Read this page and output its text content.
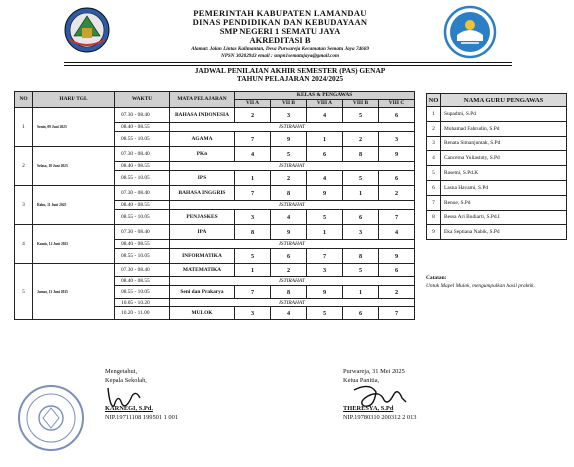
PEMERINTAH KABUPATEN LAMANDAU
DINAS PENDIDIKAN DAN KEBUDAYAAN
SMP NEGERI 1 SEMATU JAYA
AKREDITASI B
Alamat: Jalan Lintas Kalimantan, Desa Purwareja Kecamatan Sematu Jaya 74669
NPSN 30202943 email : smpn1sematujaya@gmail.com
JADWAL PENILAIAN AKHIR SEMESTER (PAS) GENAP
TAHUN PELAJARAN 2024/2025
NO	HARI/ TGL	WAKTU	MATA PELAJARAN	KELAS & PENGAWAS				
				VII A	VII B	VIII A	VIII B	VIII C
1	Senin, 09 Juni 2025	07.30 - 08.40	BAHASA INDONESIA	2	3	4	5	6
		08.40 - 08.55	ISTIRAHAT					
		08.55 - 10.05	AGAMA	7	9	1	2	3
2	Selasa, 10 Juni 2025	07.30 - 08.40	PKn	4	5	6	8	9
		08.40 - 08.55	ISTIRAHAT					
		08.55 - 10.05	IPS	1	2	4	5	6
3	Rabu, 11 Juni 2025	07.30 - 08.40	BAHASA INGGRIS	7	8	9	1	2
		08.40 - 08.55	ISTIRAHAT					
		08.55 - 10.05	PENJASKES	3	4	5	6	7
4	Kamis, 12 Juni 2025	07.30 - 08.40	IPA	8	9	1	3	4
		08.40 - 08.55	ISTIRAHAT					
		08.55 - 10.05	INFORMATIKA	5	6	7	8	9
5	Jumat, 13 Juni 2025	07.30 - 08.40	MATEMATIKA	1	2	3	5	6
		08.40 - 08.55	ISTIRAHAT					
		08.55 - 10.05	Seni dan Prakarya	7	8	9	1	2
		10.05 - 10.20	ISTIRAHAT					
		10.20 - 11.00	MULOK	3	4	5	6	7
NO	NAMA GURU PENGAWAS
1	Supadmi, S.Pd
2	Mohamad Fahrudin, S.Pd
3	Renata Simanjuntak, S.Pd
4	Cancerna Yuliastuty, S.Pd
5	Rasemi, S.Pd.K
6	Lasna Havami, S.Pd
7	Renoe, S.Pd
8	Bessa Ari Budiarti, S.Pd.I
9	Eka Septiana Nabik, S.Pd
Catatan:
Untuk Mapel Mulok, mengumpulkan hasil praktik.
Mengetahui,
Kepala Sekolah,
KARNEGI, S.Pd.
NIP.19711108 199501 1 001
Purwareja, 31 Mei 2025
Ketua Panitia,
THERESYA, S.Pd
NIP.19780310 200312 2 013
